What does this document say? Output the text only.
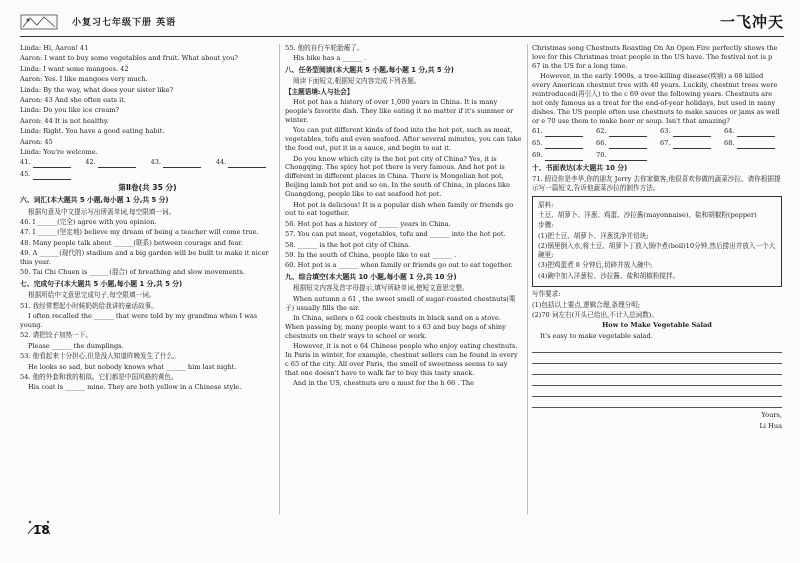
小复习七年级下册 英语	一飞冲天

Linda: Hi, Aaron! 41

Aaron: I want to buy some vegetables and fruit. What about you?

Linda: I want some mangoes. 42

Aaron: Yes. I like mangoes very much.

Linda: By the way, what does your sister like?

Aaron: 43 And she often eats it.

Linda: Do you like ice cream?

Aaron: 44 It is not healthy.

Linda: Right. You have a good eating habit.

Aaron: 45

Linda: You're welcome.

41.	42.	43.	44.
45.
第Ⅱ卷(共 35 分)
六、词汇(本大题共 5 小题,每小题 1 分,共 5 分)

根据句意及中文提示写出所需单词,每空限填一词。

46. I ______(完全) agree with you opinion.

47. I ______(坚定地) believe my dream of being a teacher will come true.

48. Many people talk about ______(联系) between courage and fear.

49. A ______(现代的) stadium and a big garden will be built to make it nicer this year.

50. Tai Chi Chuen is ______(混合) of breathing and slow movements.

七、完成句子(本大题共 5 小题,每小题 1 分,共 5 分)

根据所给中文意思完成句子,每空限填一词。

51. 我经常想起小时候奶奶给我讲的童话故事。

I often recalled the ______ that were told by my grandma when I was young.

52. 请把饺子加热一下。

Please ______ the dumplings.

53. 他看起来十分担心,但是没人知道昨晚发生了什么。

He looks so sad, but nobody knows what ______ him last night.

54. 他的外套和我的相似。它们都是中国风格的黄色。

His coat is ______ mine. They are both yellow in a Chinese style.

55. 他的自行车轮胎瘪了。

His bike has a ______ .

八、任务型阅读(本大题共 5 小题,每小题 1 分,共 5 分)

阅读下面短文,根据短文内容完成下列各题。

【主题语境:人与社会】

Hot pot has a history of over 1,000 years in China. It is many people's favorite dish. They like eating it no matter if it's summer or winter.

You can put different kinds of food into the hot pot, such as meat, vegetables, tofu and even seafood. After several minutes, you can take the food out, put it in a sauce, and begin to eat it.

Do you know which city is the hot pot city of China? Yes, it is Chongqing. The spicy hot pot there is very famous. And hot pot is different in different places in China. There is Mongolian hot pot, Beijing lamb hot pot and so on. In the south of China, in places like Guangdong, people like to eat seafood hot pot.

Hot pot is delicious! It is a popular dish when family or friends go out to eat together.

56. Hot pot has a history of ______ years in China.

57. You can put meat, vegetables, tofu and ______ into the hot pot.

58. ______ is the hot pot city of China.

59. In the south of China, people like to eat ______ .

60. Hot pot is a ______ when family or friends go out to eat together.

九、综合填空(本大题共 10 小题,每小题 1 分,共 10 分)

根据短文内容及首字母提示,填写所缺单词,使短文意思完整。

When autumn a 61 , the sweet smell of sugar-roasted chestnuts(栗子) usually fills the air.

In China, sellers o 62 cook chestnuts in black sand on a stove. When passing by, many people want to s 63 and buy bags of shiny chestnuts on their ways to school or work.

However, it is not o 64 Chinese people who enjoy eating chestnuts. In Paris in winter, for example, chestnut sellers can be found in every c 65 of the city. All over Paris, the smell of sweetness seems to say that one doesn't have to walk far to buy this tasty snack.

And in the US, chestnuts are a must for the h 66 . The

Christmas song Chestnuts Roasting On An Open Fire perfectly shows the love for this Christmas treat people in the US have. The festival not is p 67 in the US for a long time.

However, in the early 1900s, a tree-killing disease(疾病) a 68 killed every American chestnut tree with 40 years. Luckily, chestnut trees were reintroduced(再引入) to the c 69 over the following years. Chestnuts are not only famous as a treat for the end-of-year holidays, but used in many dishes. The US people often use chestnuts to make sauces or jams as well or e 70 use them to make beer or soup. Isn't that amazing?

61.	62.	63.	64.
65.	66.	67.	68.
69.	70.
十、书面表达(本大题共 10 分)

71. 假设你是李华,你的朋友 Jerry 去你家做客,他很喜欢你做的蔬菜沙拉。请你根据提示写一篇短文,告诉他蔬菜沙拉的制作方法。

原料:

土豆、胡萝卜、洋葱、鸡蛋、沙拉酱(mayonnaise)、盐和胡椒粉(pepper)

步骤:

(1)把土豆、胡萝卜、洋葱洗净并切块;

(2)锅里倒入水,将土豆、胡萝卜丁放入锅中煮(boil)10分钟,然后捞出并放入一个大碗里;

(3)把鸡蛋煮 8 分钟后,切碎并放入碗中;

(4)碗中加入洋葱粒、沙拉酱、盐和胡椒粉搅拌。

写作要求:

(1)包括以上要点,逻辑合理,条理分明;

(2)70 词左右(开头已给出,不计入总词数)。

How to Make Vegetable Salad

It's easy to make vegetable salad.

Yours,

Li Hua

18
